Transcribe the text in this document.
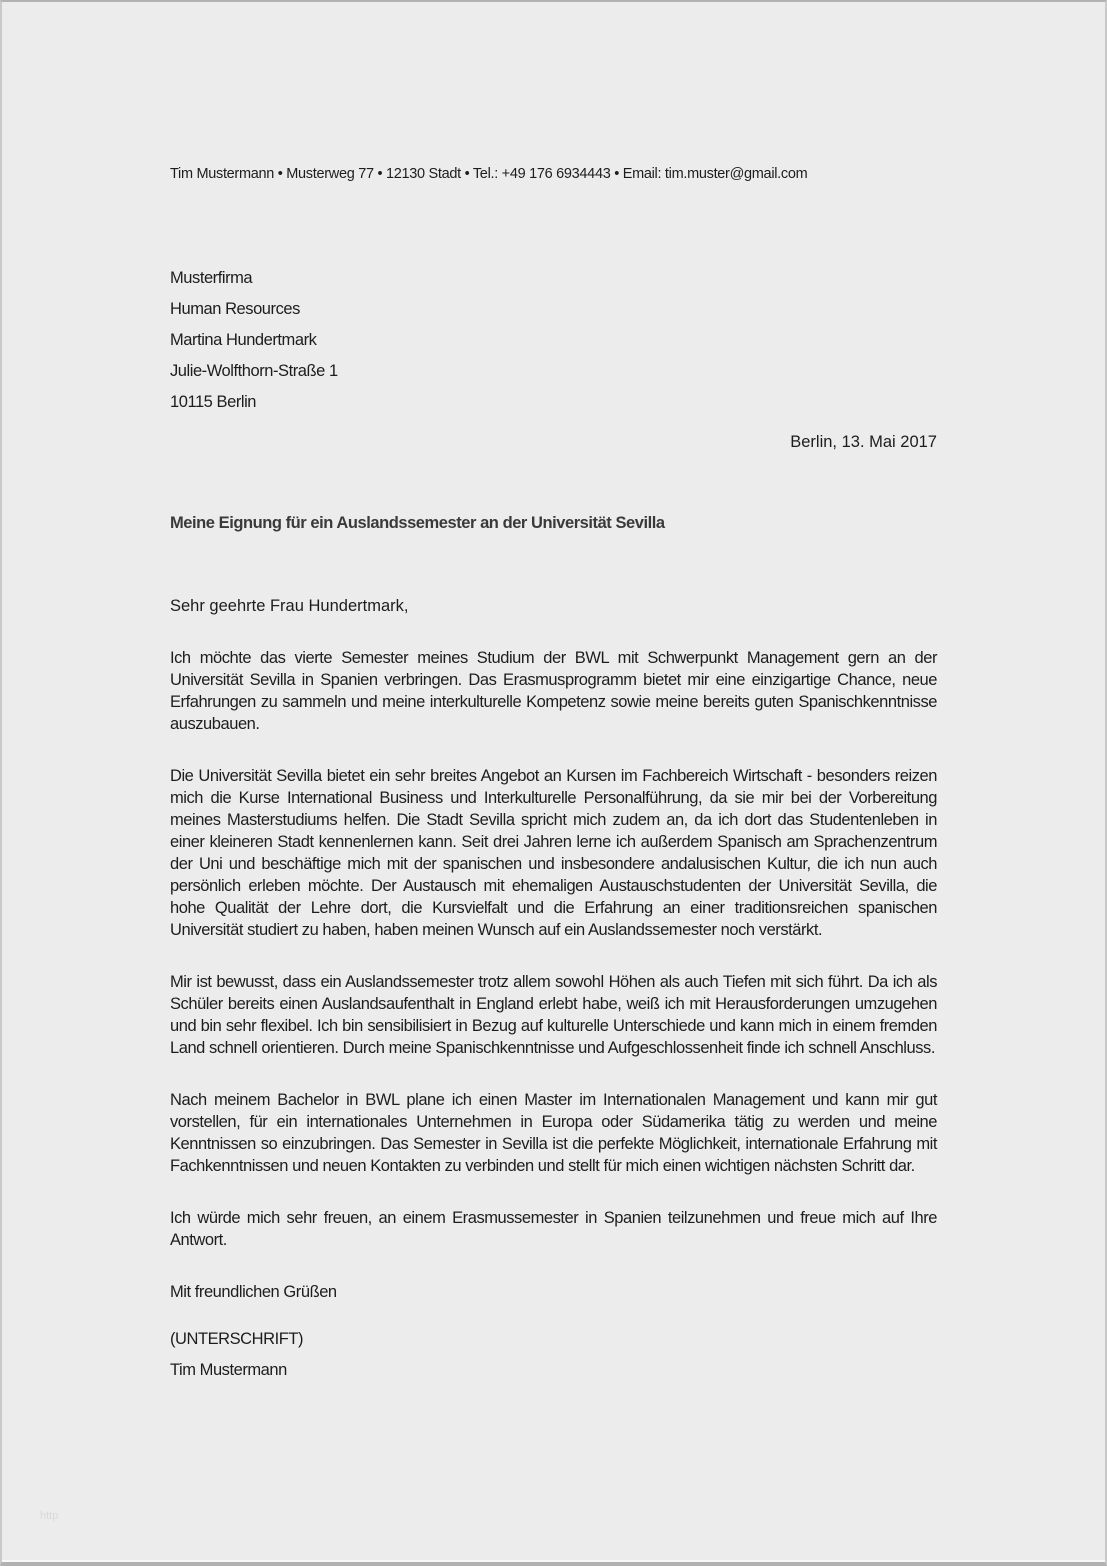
Tim Mustermann • Musterweg 77 • 12130 Stadt • Tel.: +49 176 6934443 • Email: tim.muster@gmail.com
Musterfirma
Human Resources
Martina Hundertmark
Julie-Wolfthorn-Straße 1
10115 Berlin
Berlin, 13. Mai 2017
Meine Eignung für ein Auslandssemester an der Universität Sevilla
Sehr geehrte Frau Hundertmark,

Ich möchte das vierte Semester meines Studium der BWL mit Schwerpunkt Management gern an der Universität Sevilla in Spanien verbringen. Das Erasmusprogramm bietet mir eine einzigartige Chance, neue Erfahrungen zu sammeln und meine interkulturelle Kompetenz sowie meine bereits guten Spanischkenntnisse auszubauen.

Die Universität Sevilla bietet ein sehr breites Angebot an Kursen im Fachbereich Wirtschaft - besonders reizen mich die Kurse International Business und Interkulturelle Personalführung, da sie mir bei der Vorbereitung meines Masterstudiums helfen. Die Stadt Sevilla spricht mich zudem an, da ich dort das Studentenleben in einer kleineren Stadt kennenlernen kann. Seit drei Jahren lerne ich außerdem Spanisch am Sprachenzentrum der Uni und beschäftige mich mit der spanischen und insbesondere andalusischen Kultur, die ich nun auch persönlich erleben möchte. Der Austausch mit ehemaligen Austauschstudenten der Universität Sevilla, die hohe Qualität der Lehre dort, die Kursvielfalt und die Erfahrung an einer traditionsreichen spanischen Universität studiert zu haben, haben meinen Wunsch auf ein Auslandssemester noch verstärkt.

Mir ist bewusst, dass ein Auslandssemester trotz allem sowohl Höhen als auch Tiefen mit sich führt. Da ich als Schüler bereits einen Auslandsaufenthalt in England erlebt habe, weiß ich mit Herausforderungen umzugehen und bin sehr flexibel. Ich bin sensibilisiert in Bezug auf kulturelle Unterschiede und kann mich in einem fremden Land schnell orientieren. Durch meine Spanischkenntnisse und Aufgeschlossenheit finde ich schnell Anschluss.

Nach meinem Bachelor in BWL plane ich einen Master im Internationalen Management und kann mir gut vorstellen, für ein internationales Unternehmen in Europa oder Südamerika tätig zu werden und meine Kenntnissen so einzubringen. Das Semester in Sevilla ist die perfekte Möglichkeit, internationale Erfahrung mit Fachkenntnissen und neuen Kontakten zu verbinden und stellt für mich einen wichtigen nächsten Schritt dar.

Ich würde mich sehr freuen, an einem Erasmussemester in Spanien teilzunehmen und freue mich auf Ihre Antwort.

Mit freundlichen Grüßen
(UNTERSCHRIFT)
Tim Mustermann
http
